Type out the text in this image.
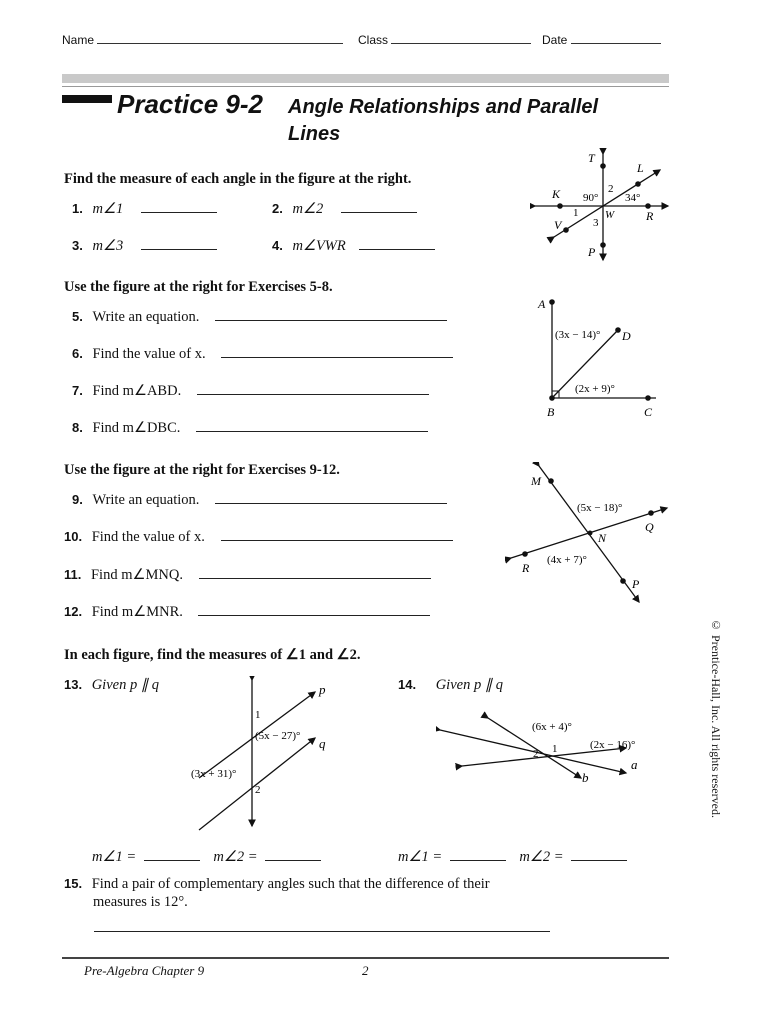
Name	Class	Date
Practice 9-2 Angle Relationships and Parallel
Lines
Find the measure of each angle in the figure at the right.
1. m∠1	2. m∠2
3. m∠3	4. m∠VWR
T
L
K
R
V
W
P
2
1
3
90° 34°
Use the figure at the right for Exercises 5-8.
5. Write an equation.
6. Find the value of x.
7. Find m∠ABD.
8. Find m∠DBC.
A
D
B	C
(3x − 14)°
(2x + 9)°
Use the figure at the right for Exercises 9-12.
9. Write an equation.
10. Find the value of x.
11. Find m∠MNQ.
12. Find m∠MNR.
M
Q
N
R
P
(5x − 18)°
(4x + 7)°
In each figure, find the measures of ∠1 and ∠2.
13. Given p ∥ q	14. Given p ∥ q
p
q
1
2
(5x − 27)°
(3x + 31)°
a
b
1
2
(6x + 4)°
(2x − 16)°
m∠1 =	m∠2 =	m∠1 =	m∠2 =
15. Find a pair of complementary angles such that the difference of their
measures is 12°.
© Prentice-Hall, Inc. All rights reserved.
Pre-Algebra Chapter 9	2
